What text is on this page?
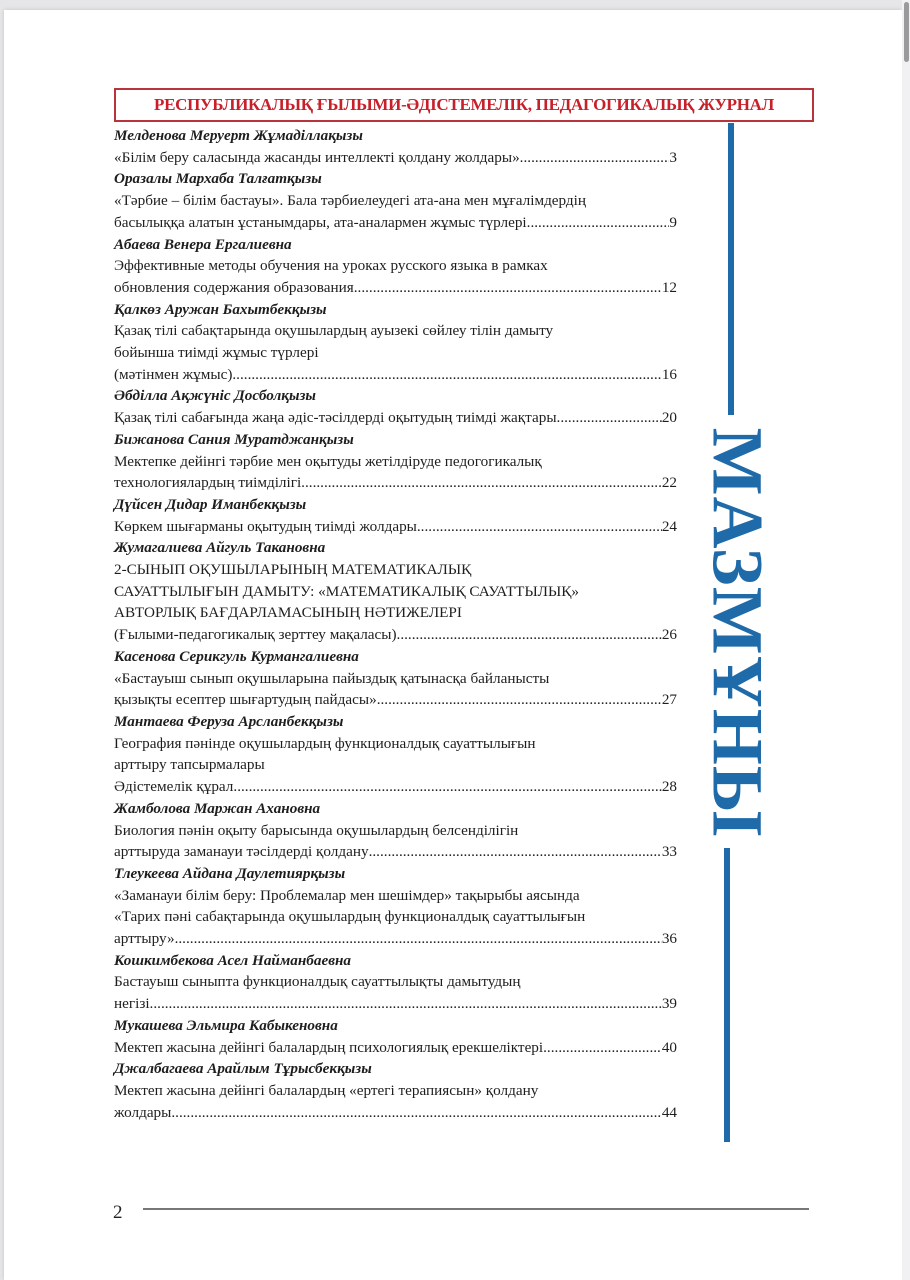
РЕСПУБЛИКАЛЫҚ ҒЫЛЫМИ-ӘДІСТЕМЕЛІК, ПЕДАГОГИКАЛЫҚ ЖУРНАЛ
МАЗМҰНЫ
Мелденова Меруерт Жұмаділлақызы
«Білім беру саласында жасанды интеллекті қолдану жолдары» .....	3
Оразалы Мархаба Талғатқызы
«Тәрбие – білім бастауы». Бала тәрбиелеудегі ата-ана мен мұғалімдердің
басылыққа алатын ұстанымдары, ата-аналармен жұмыс түрлері .....	9
Абаева Венера Ергалиевна
Эффективные методы обучения на уроках русского языка в рамках
обновления содержания образования .....	12
Қалкөз Аружан Бахытбекқызы
Қазақ тілі сабақтарында оқушылардың ауызекі сөйлеу тілін дамыту
бойынша тиімді жұмыс түрлері
(мәтінмен жұмыс) .....	16
Әбділла Ақжүніс Досболқызы
Қазақ тілі сабағында жаңа әдіс-тәсілдерді оқытудың тиімді жақтары .....	20
Бижанова Сания Муратджанқызы
Мектепке дейінгі тәрбие мен оқытуды жетілдіруде педогогикалық
технологиялардың тиімділігі .....	22
Дүйсен Дидар Иманбекқызы
Көркем шығарманы оқытудың тиімді жолдары .....	24
Жумагалиева Айгуль Такановна
2-СЫНЫП ОҚУШЫЛАРЫНЫҢ МАТЕМАТИКАЛЫҚ
САУАТТЫЛЫҒЫН ДАМЫТУ: «МАТЕМАТИКАЛЫҚ САУАТТЫЛЫҚ»
АВТОРЛЫҚ БАҒДАРЛАМАСЫНЫҢ НӘТИЖЕЛЕРІ
(Ғылыми-педагогикалық зерттеу мақаласы) .....	26
Касенова Серикгуль Курмангалиевна
«Бастауыш сынып оқушыларына пайыздық қатынасқа байланысты
қызықты есептер шығартудың пайдасы» .....	27
Мантаева Феруза Арсланбекқызы
География пәнінде оқушылардың функционалдық сауаттылығын
арттыру тапсырмалары
Әдістемелік құрал .....	28
Жамболова Маржан Ахановна
Биология пәнін оқыту барысында оқушылардың белсенділігін
арттыруда заманауи тәсілдерді қолдану .....	33
Тлеукеева Айдана Даулетиярқызы
«Заманауи білім беру: Проблемалар мен шешімдер» тақырыбы аясында
«Тарих пәні сабақтарында оқушылардың функционалдық сауаттылығын
арттыру» .....	36
Кошкимбекова Асел Найманбаевна
Бастауыш сыныпта функционалдық сауаттылықты дамытудың
негізі .....	39
Мукашева Эльмира Кабыкеновна
Мектеп жасына дейінгі балалардың психологиялық ерекшеліктері .....	40
Джалбагаева Арайлым Тұрысбекқызы
Мектеп жасына дейінгі балалардың «ертегі терапиясын» қолдану
жолдары .....	44
2
